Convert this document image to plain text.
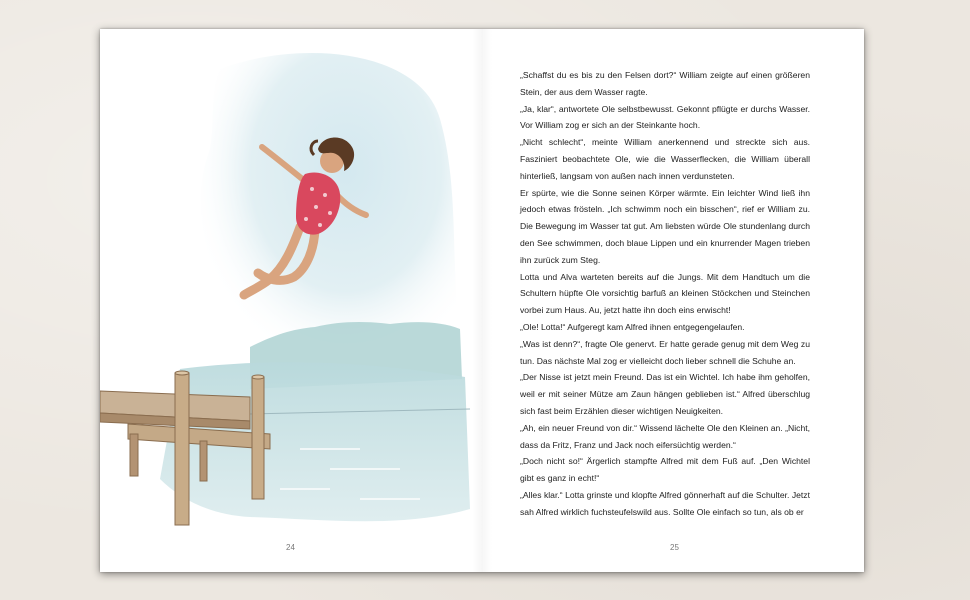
24

„Schaffst du es bis zu den Felsen dort?“ William zeigte auf einen größeren Stein, der aus dem Wasser ragte.

„Ja, klar“, antwortete Ole selbstbewusst. Gekonnt pflügte er durchs Wasser. Vor William zog er sich an der Steinkante hoch.

„Nicht schlecht“, meinte William anerkennend und streckte sich aus. Fasziniert beobachtete Ole, wie die Wasserflecken, die William überall hinterließ, langsam von außen nach innen verdunsteten.

Er spürte, wie die Sonne seinen Körper wärmte. Ein leichter Wind ließ ihn jedoch etwas frösteln. „Ich schwimm noch ein bisschen“, rief er William zu. Die Bewegung im Wasser tat gut. Am liebsten würde Ole stundenlang durch den See schwimmen, doch blaue Lippen und ein knurrender Magen trieben ihn zurück zum Steg.

Lotta und Alva warteten bereits auf die Jungs. Mit dem Handtuch um die Schultern hüpfte Ole vorsichtig barfuß an kleinen Stöckchen und Steinchen vorbei zum Haus. Au, jetzt hatte ihn doch eins erwischt!

„Ole! Lotta!“ Aufgeregt kam Alfred ihnen entgegengelaufen.

„Was ist denn?“, fragte Ole genervt. Er hatte gerade genug mit dem Weg zu tun. Das nächste Mal zog er vielleicht doch lieber schnell die Schuhe an.

„Der Nisse ist jetzt mein Freund. Das ist ein Wichtel. Ich habe ihm geholfen, weil er mit seiner Mütze am Zaun hängen geblieben ist.“ Alfred überschlug sich fast beim Erzählen dieser wichtigen Neuigkeiten.

„Ah, ein neuer Freund von dir.“ Wissend lächelte Ole den Kleinen an. „Nicht, dass da Fritz, Franz und Jack noch eifersüchtig werden.“

„Doch nicht so!“ Ärgerlich stampfte Alfred mit dem Fuß auf. „Den Wichtel gibt es ganz in echt!“

„Alles klar.“ Lotta grinste und klopfte Alfred gönnerhaft auf die Schulter. Jetzt sah Alfred wirklich fuchsteufelswild aus. Sollte Ole einfach so tun, als ob er

25
